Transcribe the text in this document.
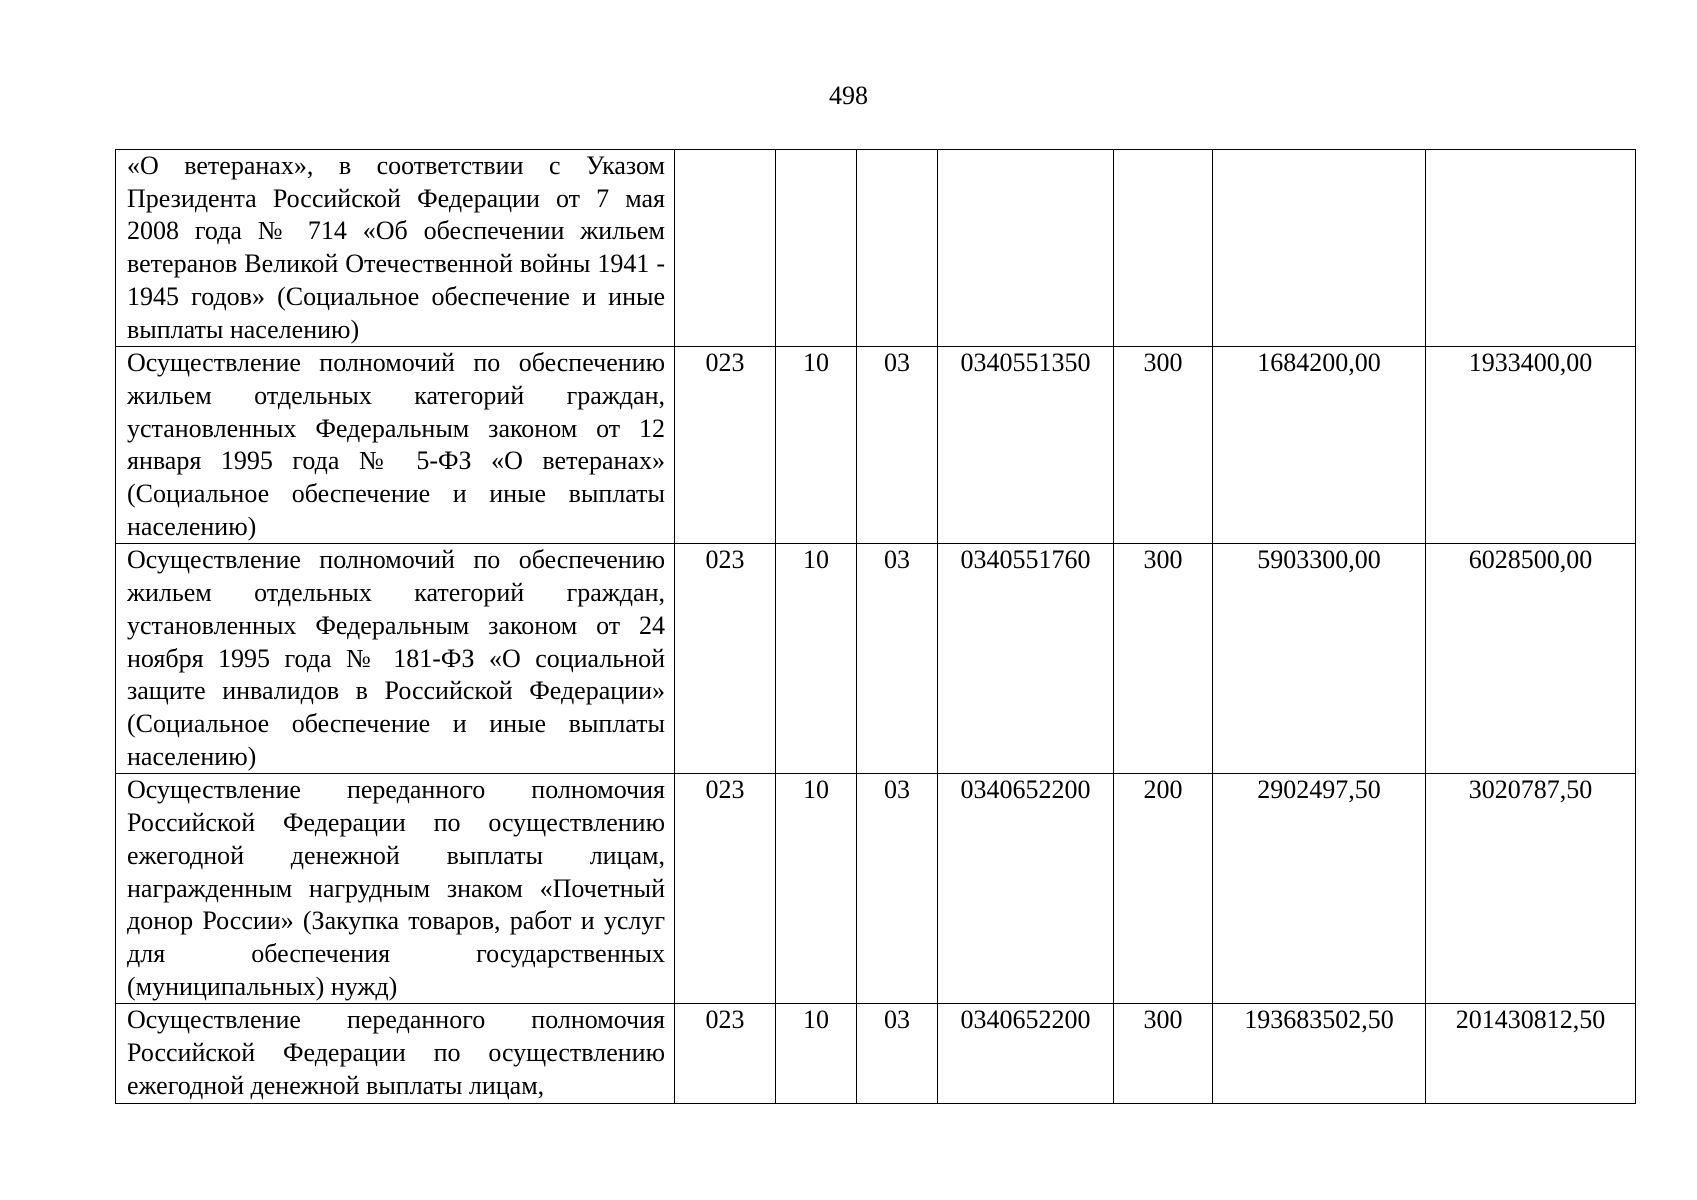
498
«О ветеранах», в соответствии с Указом Президента Российской Федерации от 7 мая 2008 года № 714 «Об обеспечении жильем ветеранов Великой Отечественной войны 1941 - 1945 годов» (Социальное обеспечение и иные выплаты населению)							
Осуществление полномочий по обеспечению жильем отдельных категорий граждан, установленных Федеральным законом от 12 января 1995 года № 5-ФЗ «О ветеранах» (Социальное обеспечение и иные выплаты населению)	023	10	03	0340551350	300	1684200,00	1933400,00
Осуществление полномочий по обеспечению жильем отдельных категорий граждан, установленных Федеральным законом от 24 ноября 1995 года № 181-ФЗ «О социальной защите инвалидов в Российской Федерации» (Социальное обеспечение и иные выплаты населению)	023	10	03	0340551760	300	5903300,00	6028500,00
Осуществление переданного полномочия Российской Федерации по осуществлению ежегодной денежной выплаты лицам, награжденным нагрудным знаком «Почетный донор России» (Закупка товаров, работ и услуг для обеспечения государственных (муниципальных) нужд)	023	10	03	0340652200	200	2902497,50	3020787,50
Осуществление переданного полномочия Российской Федерации по осуществлению ежегодной денежной выплаты лицам,	023	10	03	0340652200	300	193683502,50	201430812,50
